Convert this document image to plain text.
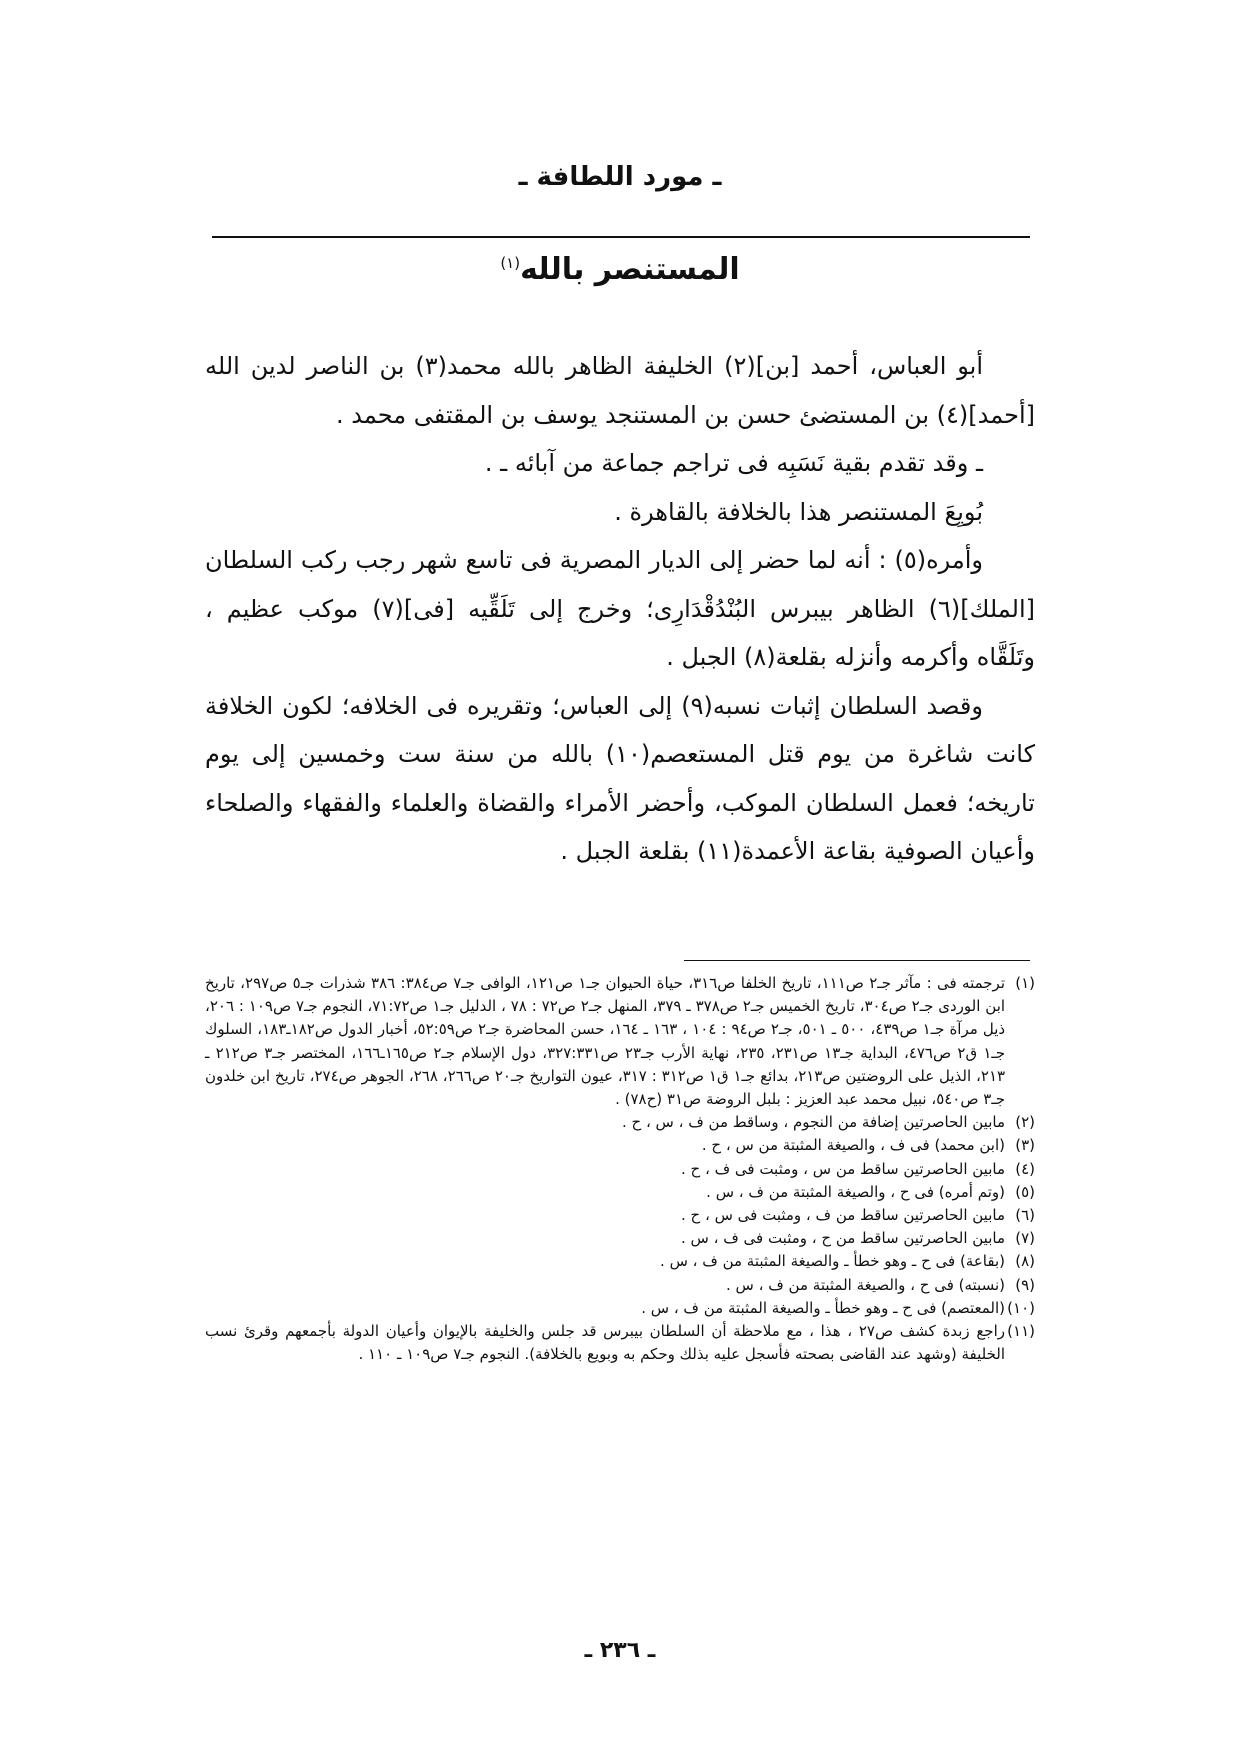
ـ مورد اللطافة ـ
المستنصر بالله$^{(١)}$

أبو العباس، أحمد [بن](٢) الخليفة الظاهر بالله محمد(٣) بن الناصر لدين الله [أحمد](٤) بن المستضئ حسن بن المستنجد يوسف بن المقتفى محمد .

ـ وقد تقدم بقية نَسَبِه فى تراجم جماعة من آبائه ـ .

بُويِعَ المستنصر هذا بالخلافة بالقاهرة .

وأمره(٥) : أنه لما حضر إلى الديار المصرية فى تاسع شهر رجب ركب السلطان [الملك](٦) الظاهر بيبرس البُنْدُقْدَارِى؛ وخرج إلى تَلَقِّيه [فى](٧) موكب عظيم ، وتَلَقَّاه وأكرمه وأنزله بقلعة(٨) الجبل .

وقصد السلطان إثبات نسبه(٩) إلى العباس؛ وتقريره فى الخلافه؛ لكون الخلافة كانت شاغرة من يوم قتل المستعصم(١٠) بالله من سنة ست وخمسين إلى يوم تاريخه؛ فعمل السلطان الموكب، وأحضر الأمراء والقضاة والعلماء والفقهاء والصلحاء وأعيان الصوفية بقاعة الأعمدة(١١) بقلعة الجبل .

(١)ترجمته فى : مآثر جـ٢ ص١١١، تاريخ الخلفا ص٣١٦، حياة الحيوان جـ١ ص١٢١، الوافى جـ٧ ص٣٨٤: ٣٨٦ شذرات جـ٥ ص٢٩٧، تاريخ ابن الوردى جـ٢ ص٣٠٤، تاريخ الخميس جـ٢ ص٣٧٨ ـ ٣٧٩، المنهل جـ٢ ص٧٢ : ٧٨ ، الدليل جـ١ ص٧١:٧٢، النجوم جـ٧ ص١٠٩ : ٢٠٦، ذيل مرآة جـ١ ص٤٣٩، ٥٠٠ ـ ٥٠١، جـ٢ ص٩٤ : ١٠٤ ، ١٦٣ ـ ١٦٤، حسن المحاضرة جـ٢ ص٥٢:٥٩، أخبار الدول ص١٨٢ـ١٨٣، السلوك جـ١ ق٢ ص٤٧٦، البداية جـ١٣ ص٢٣١، ٢٣٥، نهاية الأرب جـ٢٣ ص٣٢٧:٣٣١، دول الإسلام جـ٢ ص١٦٥ـ١٦٦، المختصر جـ٣ ص٢١٢ ـ ٢١٣، الذيل على الروضتين ص٢١٣، بدائع جـ١ ق١ ص٣١٢ : ٣١٧، عيون التواريخ جـ٢٠ ص٢٦٦، ٢٦٨، الجوهر ص٢٧٤، تاريخ ابن خلدون جـ٣ ص٥٤٠، نبيل محمد عبد العزيز : بلبل الروضة ص٣١ (ح٧٨) .

(٢)مابين الحاصرتين إضافة من النجوم ، وساقط من ف ، س ، ح .

(٣)(ابن محمد) فى ف ، والصيغة المثبتة من س ، ح .

(٤)مابين الحاصرتين ساقط من س ، ومثبت فى ف ، ح .

(٥)(وتم أمره) فى ح ، والصيغة المثبتة من ف ، س .

(٦)مابين الحاصرتين ساقط من ف ، ومثبت فى س ، ح .

(٧)مابين الحاصرتين ساقط من ح ، ومثبت فى ف ، س .

(٨)(بقاعة) فى ح ـ وهو خطأ ـ والصيغة المثبتة من ف ، س .

(٩)(نسبته) فى ح ، والصيغة المثبتة من ف ، س .

(١٠)(المعتصم) فى ح ـ وهو خطأ ـ والصيغة المثبتة من ف ، س .

(١١)راجع زبدة كشف ص٢٧ ، هذا ، مع ملاحظة أن السلطان بيبرس قد جلس والخليفة بالإيوان وأعيان الدولة بأجمعهم وقرئ نسب الخليفة (وشهد عند القاضى بصحته فأسجل عليه بذلك وحكم به وبويع بالخلافة). النجوم جـ٧ ص١٠٩ ـ ١١٠ .

ـ ٢٣٦ ـ
